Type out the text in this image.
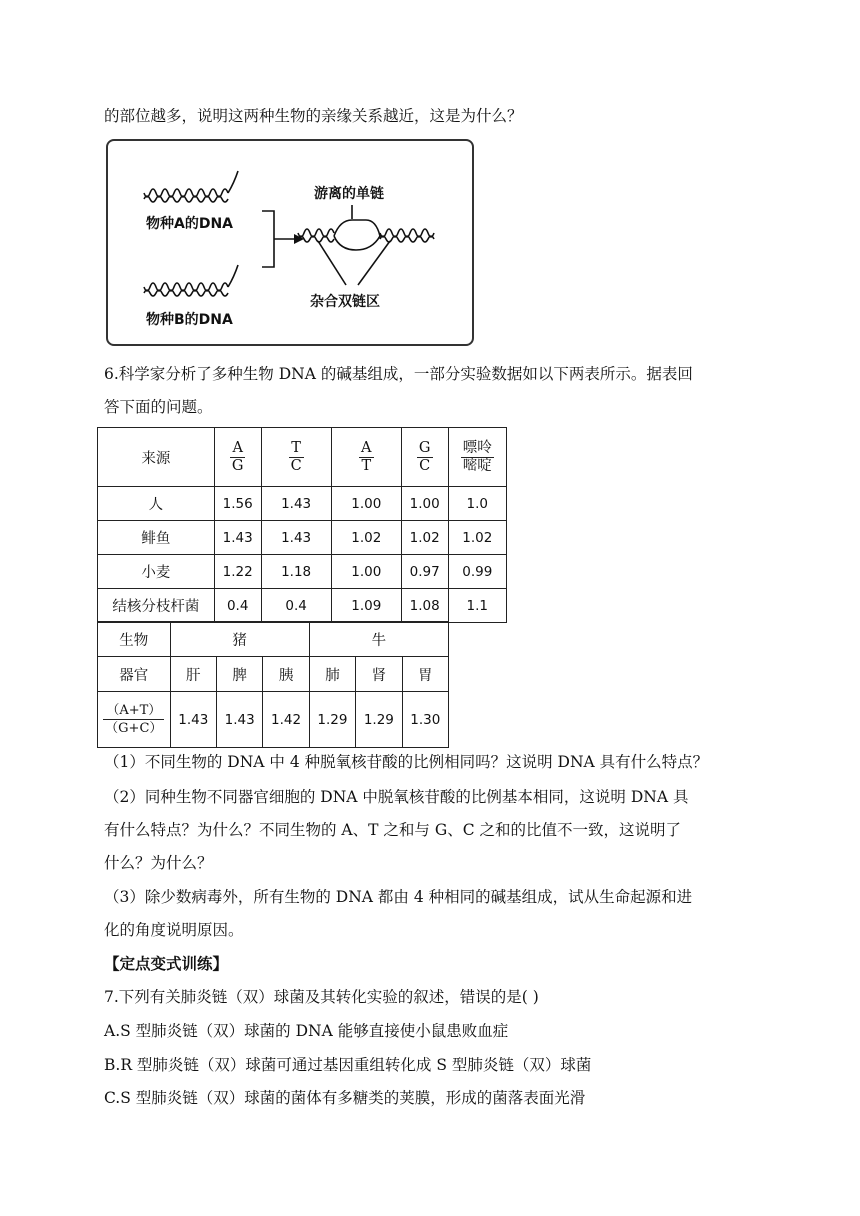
的部位越多，说明这两种生物的亲缘关系越近，这是为什么？
物种A的DNA
物种B的DNA
游离的单链
杂合双链区
6.科学家分析了多种生物 DNA 的碱基组成，一部分实验数据如以下两表所示。据表回
答下面的问题。
来源	$\frac{A}{G}$	$\frac{T}{C}$	$\frac{A}{T}$	$\frac{G}{C}$	$\frac{\text{嘌呤}}{\text{嘧啶}}$

人	1.56	1.43	1.00	1.00	1.0
鲱鱼	1.43	1.43	1.02	1.02	1.02
小麦	1.22	1.18	1.00	0.97	0.99
结核分枝杆菌	0.4	0.4	1.09	1.08	1.1
生物	猪			牛		
器官	肝	脾	胰	肺	肾	胃

$\frac{(A+T)}{(G+C)}$	1.43	1.43	1.42	1.29	1.29	1.30
（1）不同生物的 DNA 中 4 种脱氧核苷酸的比例相同吗？这说明 DNA 具有什么特点？
（2）同种生物不同器官细胞的 DNA 中脱氧核苷酸的比例基本相同，这说明 DNA 具
有什么特点？为什么？不同生物的 A、T 之和与 G、C 之和的比值不一致，这说明了
什么？为什么？
（3）除少数病毒外，所有生物的 DNA 都由 4 种相同的碱基组成，试从生命起源和进
化的角度说明原因。
【定点变式训练】
7.下列有关肺炎链（双）球菌及其转化实验的叙述，错误的是( )
A.S 型肺炎链（双）球菌的 DNA 能够直接使小鼠患败血症
B.R 型肺炎链（双）球菌可通过基因重组转化成 S 型肺炎链（双）球菌
C.S 型肺炎链（双）球菌的菌体有多糖类的荚膜，形成的菌落表面光滑
